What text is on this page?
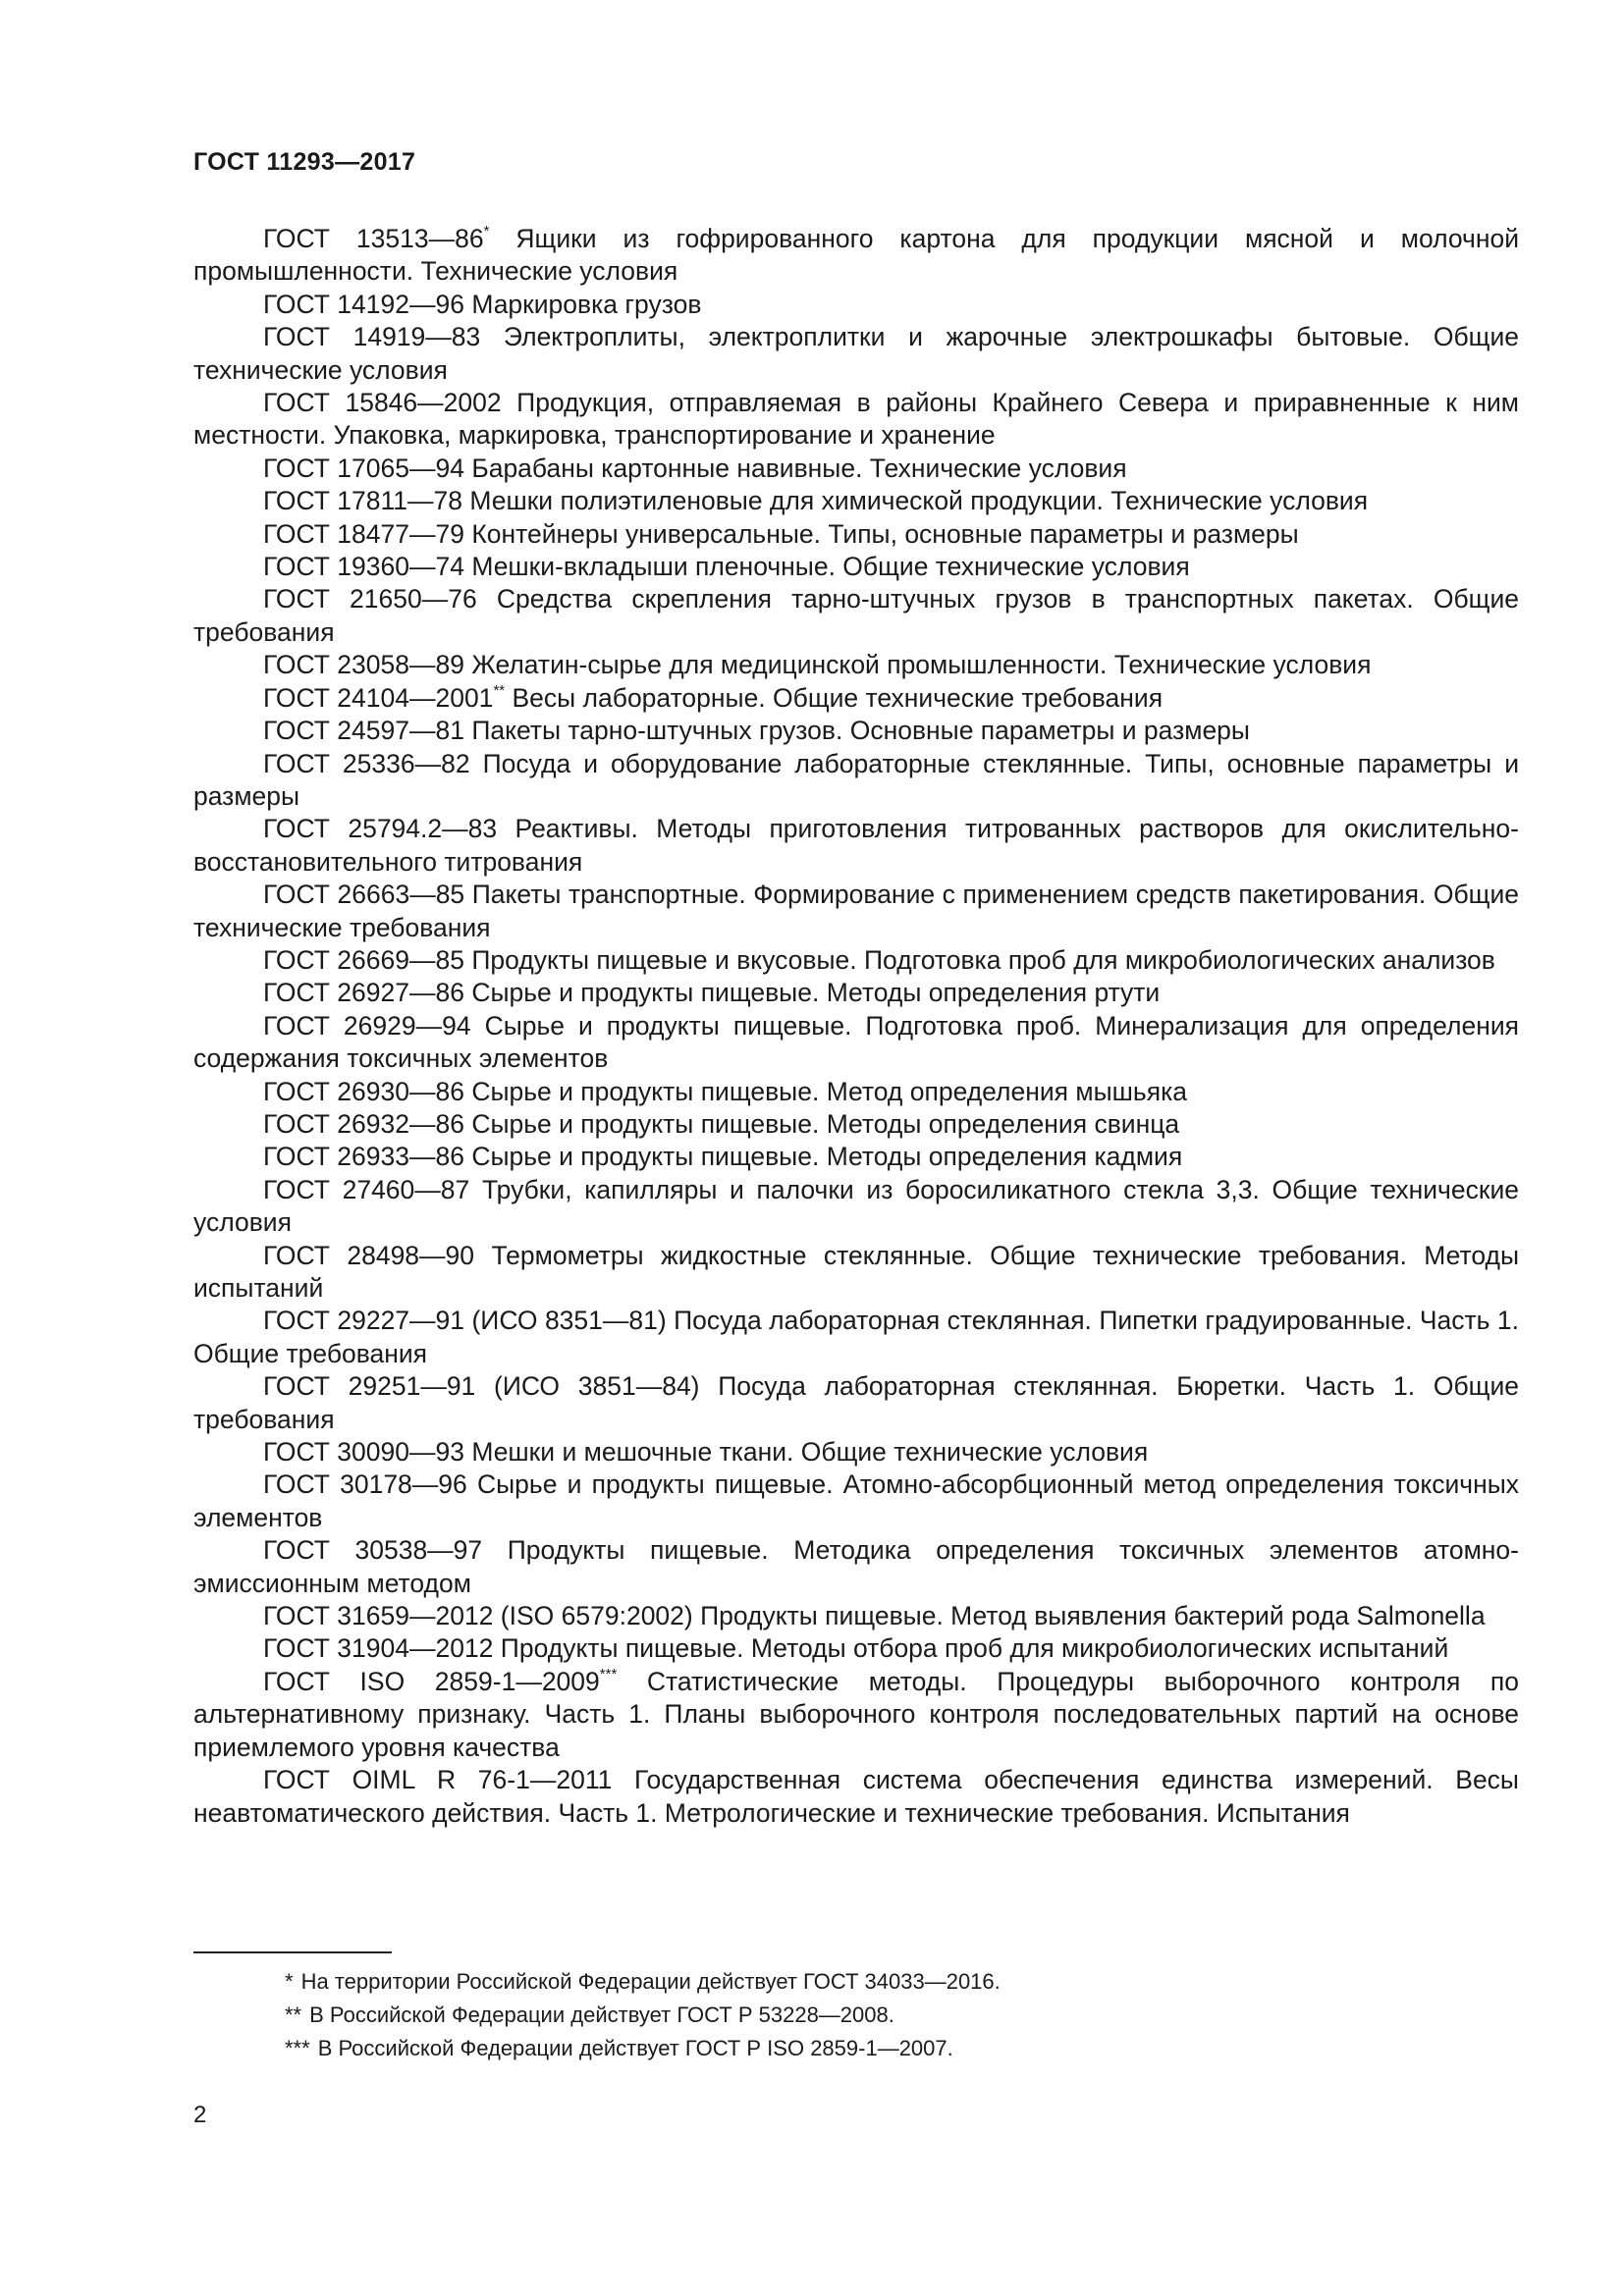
ГОСТ 11293—2017

ГОСТ 13513—86* Ящики из гофрированного картона для продукции мясной и молочной промышленности. Технические условия

ГОСТ 14192—96 Маркировка грузов

ГОСТ 14919—83 Электроплиты, электроплитки и жарочные электрошкафы бытовые. Общие технические условия

ГОСТ 15846—2002 Продукция, отправляемая в районы Крайнего Севера и приравненные к ним местности. Упаковка, маркировка, транспортирование и хранение

ГОСТ 17065—94 Барабаны картонные навивные. Технические условия

ГОСТ 17811—78 Мешки полиэтиленовые для химической продукции. Технические условия

ГОСТ 18477—79 Контейнеры универсальные. Типы, основные параметры и размеры

ГОСТ 19360—74 Мешки-вкладыши пленочные. Общие технические условия

ГОСТ 21650—76 Средства скрепления тарно-штучных грузов в транспортных пакетах. Общие требования

ГОСТ 23058—89 Желатин-сырье для медицинской промышленности. Технические условия

ГОСТ 24104—2001** Весы лабораторные. Общие технические требования

ГОСТ 24597—81 Пакеты тарно-штучных грузов. Основные параметры и размеры

ГОСТ 25336—82 Посуда и оборудование лабораторные стеклянные. Типы, основные параметры и размеры

ГОСТ 25794.2—83 Реактивы. Методы приготовления титрованных растворов для окислительно-восстановительного титрования

ГОСТ 26663—85 Пакеты транспортные. Формирование с применением средств пакетирования. Общие технические требования

ГОСТ 26669—85 Продукты пищевые и вкусовые. Подготовка проб для микробиологических анализов

ГОСТ 26927—86 Сырье и продукты пищевые. Методы определения ртути

ГОСТ 26929—94 Сырье и продукты пищевые. Подготовка проб. Минерализация для определения содержания токсичных элементов

ГОСТ 26930—86 Сырье и продукты пищевые. Метод определения мышьяка

ГОСТ 26932—86 Сырье и продукты пищевые. Методы определения свинца

ГОСТ 26933—86 Сырье и продукты пищевые. Методы определения кадмия

ГОСТ 27460—87 Трубки, капилляры и палочки из боросиликатного стекла 3,3. Общие технические условия

ГОСТ 28498—90 Термометры жидкостные стеклянные. Общие технические требования. Методы испытаний

ГОСТ 29227—91 (ИСО 8351—81) Посуда лабораторная стеклянная. Пипетки градуированные. Часть 1. Общие требования

ГОСТ 29251—91 (ИСО 3851—84) Посуда лабораторная стеклянная. Бюретки. Часть 1. Общие требования

ГОСТ 30090—93 Мешки и мешочные ткани. Общие технические условия

ГОСТ 30178—96 Сырье и продукты пищевые. Атомно-абсорбционный метод определения токсичных элементов

ГОСТ 30538—97 Продукты пищевые. Методика определения токсичных элементов атомно-эмиссионным методом

ГОСТ 31659—2012 (ISO 6579:2002) Продукты пищевые. Метод выявления бактерий рода Salmonella

ГОСТ 31904—2012 Продукты пищевые. Методы отбора проб для микробиологических испытаний

ГОСТ ISO 2859-1—2009*** Статистические методы. Процедуры выборочного контроля по альтернативному признаку. Часть 1. Планы выборочного контроля последовательных партий на основе приемлемого уровня качества

ГОСТ OIML R 76-1—2011 Государственная система обеспечения единства измерений. Весы неавтоматического действия. Часть 1. Метрологические и технические требования. Испытания

* На территории Российской Федерации действует ГОСТ 34033—2016.

** В Российской Федерации действует ГОСТ Р 53228—2008.

*** В Российской Федерации действует ГОСТ Р ISO 2859-1—2007.

2
